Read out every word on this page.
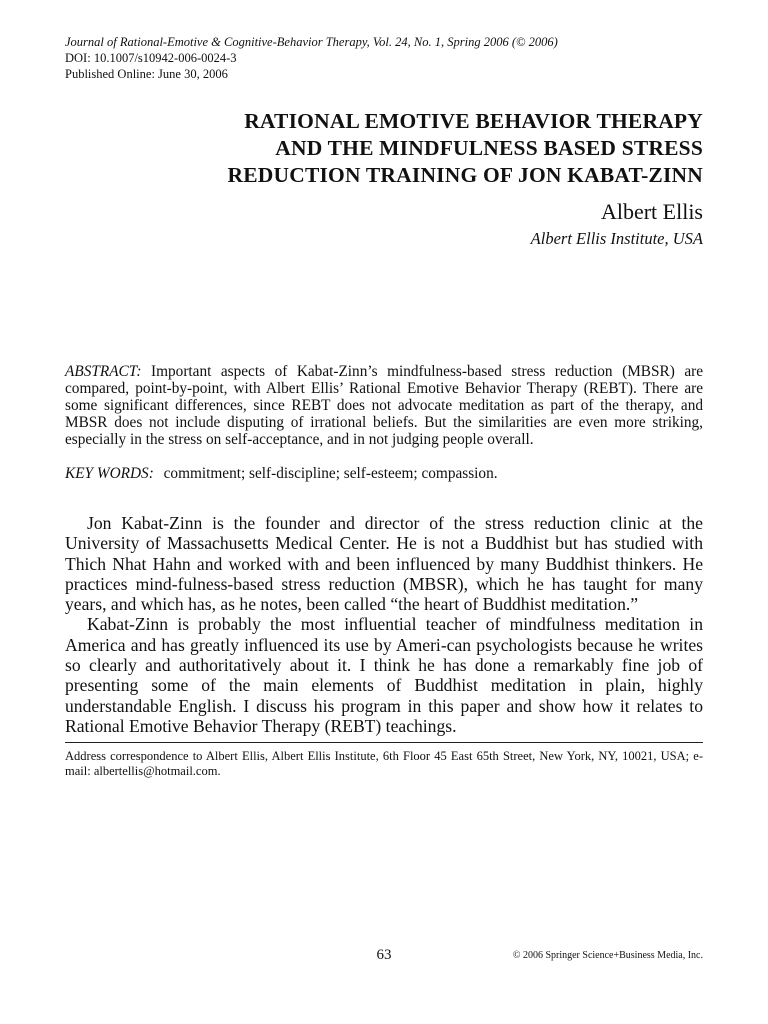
Journal of Rational-Emotive & Cognitive-Behavior Therapy, Vol. 24, No. 1, Spring 2006 (© 2006)
DOI: 10.1007/s10942-006-0024-3
Published Online: June 30, 2006
RATIONAL EMOTIVE BEHAVIOR THERAPY
AND THE MINDFULNESS BASED STRESS
REDUCTION TRAINING OF JON KABAT-ZINN
Albert Ellis
Albert Ellis Institute, USA
ABSTRACT: Important aspects of Kabat-Zinn’s mindfulness-based stress reduction (MBSR) are compared, point-by-point, with Albert Ellis’ Rational Emotive Behavior Therapy (REBT). There are some significant differences, since REBT does not advocate meditation as part of the therapy, and MBSR does not include disputing of irrational beliefs. But the similarities are even more striking, especially in the stress on self-acceptance, and in not judging people overall.
KEY WORDS: commitment; self-discipline; self-esteem; compassion.

Jon Kabat-Zinn is the founder and director of the stress reduction clinic at the University of Massachusetts Medical Center. He is not a Buddhist but has studied with Thich Nhat Hahn and worked with and been influenced by many Buddhist thinkers. He practices mind-fulness-based stress reduction (MBSR), which he has taught for many years, and which has, as he notes, been called “the heart of Buddhist meditation.”

Kabat-Zinn is probably the most influential teacher of mindfulness meditation in America and has greatly influenced its use by Ameri-can psychologists because he writes so clearly and authoritatively about it. I think he has done a remarkably fine job of presenting some of the main elements of Buddhist meditation in plain, highly understandable English. I discuss his program in this paper and show how it relates to Rational Emotive Behavior Therapy (REBT) teachings.

Address correspondence to Albert Ellis, Albert Ellis Institute, 6th Floor 45 East 65th Street, New York, NY, 10021, USA; e-mail: albertellis@hotmail.com.
63	© 2006 Springer Science+Business Media, Inc.
